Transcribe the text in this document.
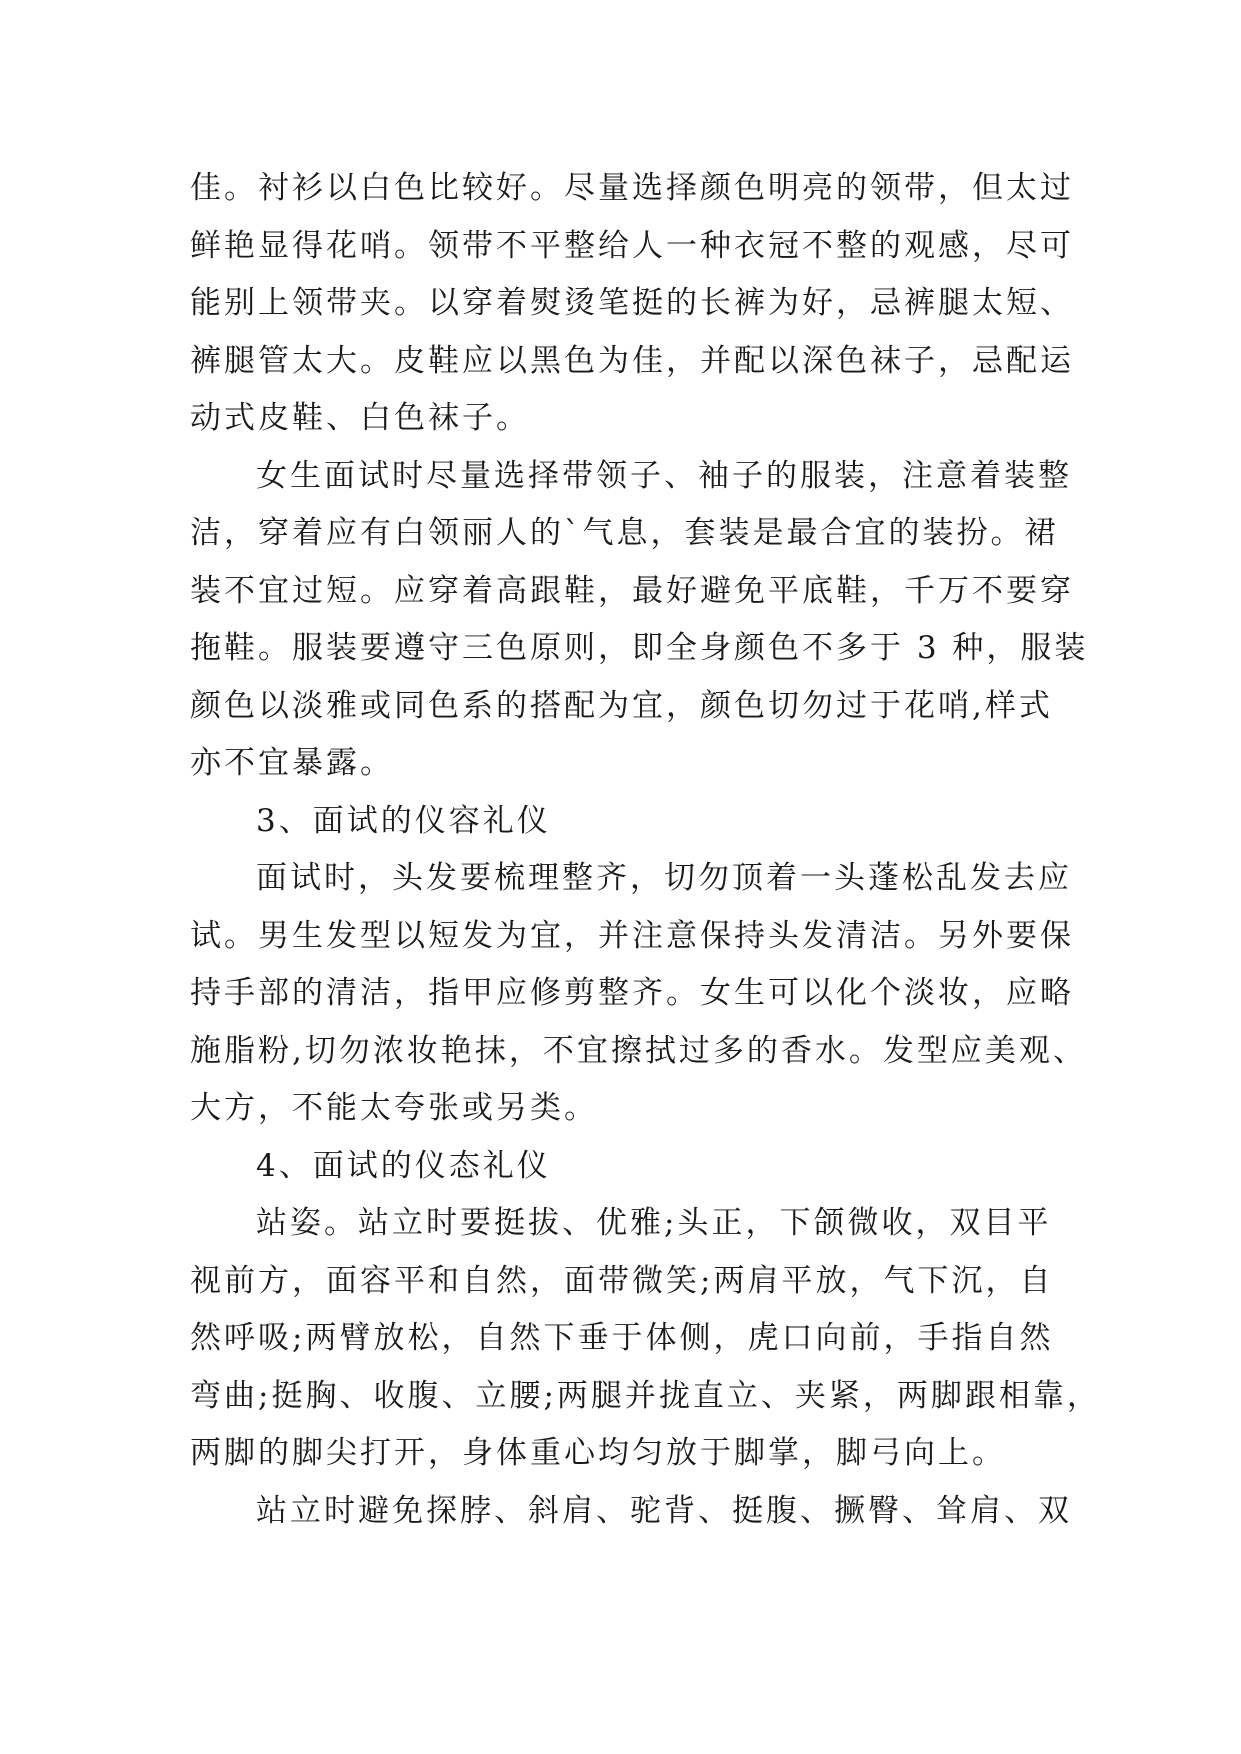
佳。衬衫以白色比较好。尽量选择颜色明亮的领带，但太过
鲜艳显得花哨。领带不平整给人一种衣冠不整的观感，尽可
能别上领带夹。以穿着熨烫笔挺的长裤为好，忌裤腿太短、
裤腿管太大。皮鞋应以黑色为佳，并配以深色袜子，忌配运
动式皮鞋、白色袜子。
女生面试时尽量选择带领子、袖子的服装，注意着装整
洁，穿着应有白领丽人的`气息，套装是最合宜的装扮。裙
装不宜过短。应穿着高跟鞋，最好避免平底鞋，千万不要穿
拖鞋。服装要遵守三色原则，即全身颜色不多于 3 种，服装
颜色以淡雅或同色系的搭配为宜，颜色切勿过于花哨,样式
亦不宜暴露。
3、面试的仪容礼仪
面试时，头发要梳理整齐，切勿顶着一头蓬松乱发去应
试。男生发型以短发为宜，并注意保持头发清洁。另外要保
持手部的清洁，指甲应修剪整齐。女生可以化个淡妆，应略
施脂粉,切勿浓妆艳抹，不宜擦拭过多的香水。发型应美观、
大方，不能太夸张或另类。
4、面试的仪态礼仪
站姿。站立时要挺拔、优雅;头正，下颌微收，双目平
视前方，面容平和自然，面带微笑;两肩平放，气下沉，自
然呼吸;两臂放松，自然下垂于体侧，虎口向前，手指自然
弯曲;挺胸、收腹、立腰;两腿并拢直立、夹紧，两脚跟相靠，
两脚的脚尖打开，身体重心均匀放于脚掌，脚弓向上。
站立时避免探脖、斜肩、驼背、挺腹、撅臀、耸肩、双
